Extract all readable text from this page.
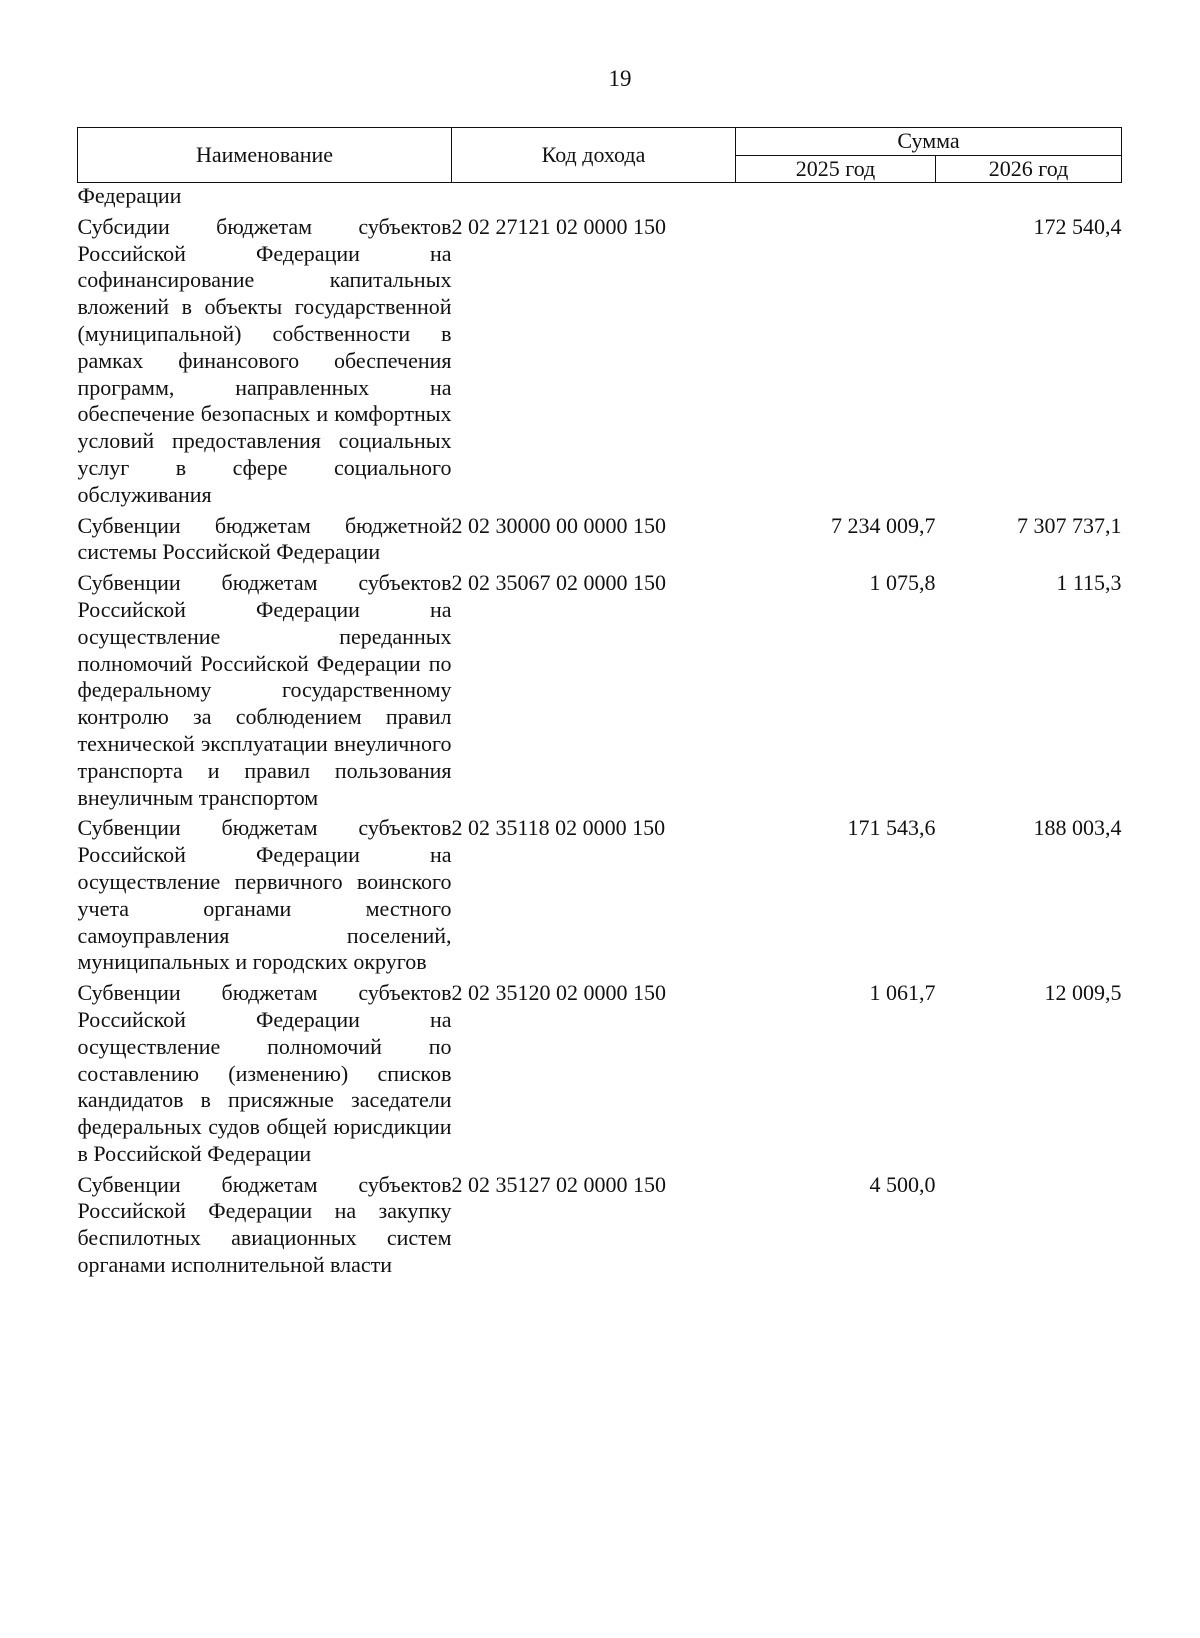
19
Наименование	Код дохода	Сумма	
		2025 год	2026 год
Федерации			
Субсидии бюджетам субъектов Российской Федерации на софинансирование капитальных вложений в объекты государственной (муниципальной) собственности в рамках финансового обеспечения программ, направленных на обеспечение безопасных и комфортных условий предоставления социальных услуг в сфере социального обслуживания	2 02 27121 02 0000 150		172 540,4
Субвенции бюджетам бюджетной системы Российской Федерации	2 02 30000 00 0000 150	7 234 009,7	7 307 737,1
Субвенции бюджетам субъектов Российской Федерации на осуществление переданных полномочий Российской Федерации по федеральному государственному контролю за соблюдением правил технической эксплуатации внеуличного транспорта и правил пользования внеуличным транспортом	2 02 35067 02 0000 150	1 075,8	1 115,3
Субвенции бюджетам субъектов Российской Федерации на осуществление первичного воинского учета органами местного самоуправления поселений, муниципальных и городских округов	2 02 35118 02 0000 150	171 543,6	188 003,4
Субвенции бюджетам субъектов Российской Федерации на осуществление полномочий по составлению (изменению) списков кандидатов в присяжные заседатели федеральных судов общей юрисдикции в Российской Федерации	2 02 35120 02 0000 150	1 061,7	12 009,5
Субвенции бюджетам субъектов Российской Федерации на закупку беспилотных авиационных систем органами исполнительной власти	2 02 35127 02 0000 150	4 500,0	
